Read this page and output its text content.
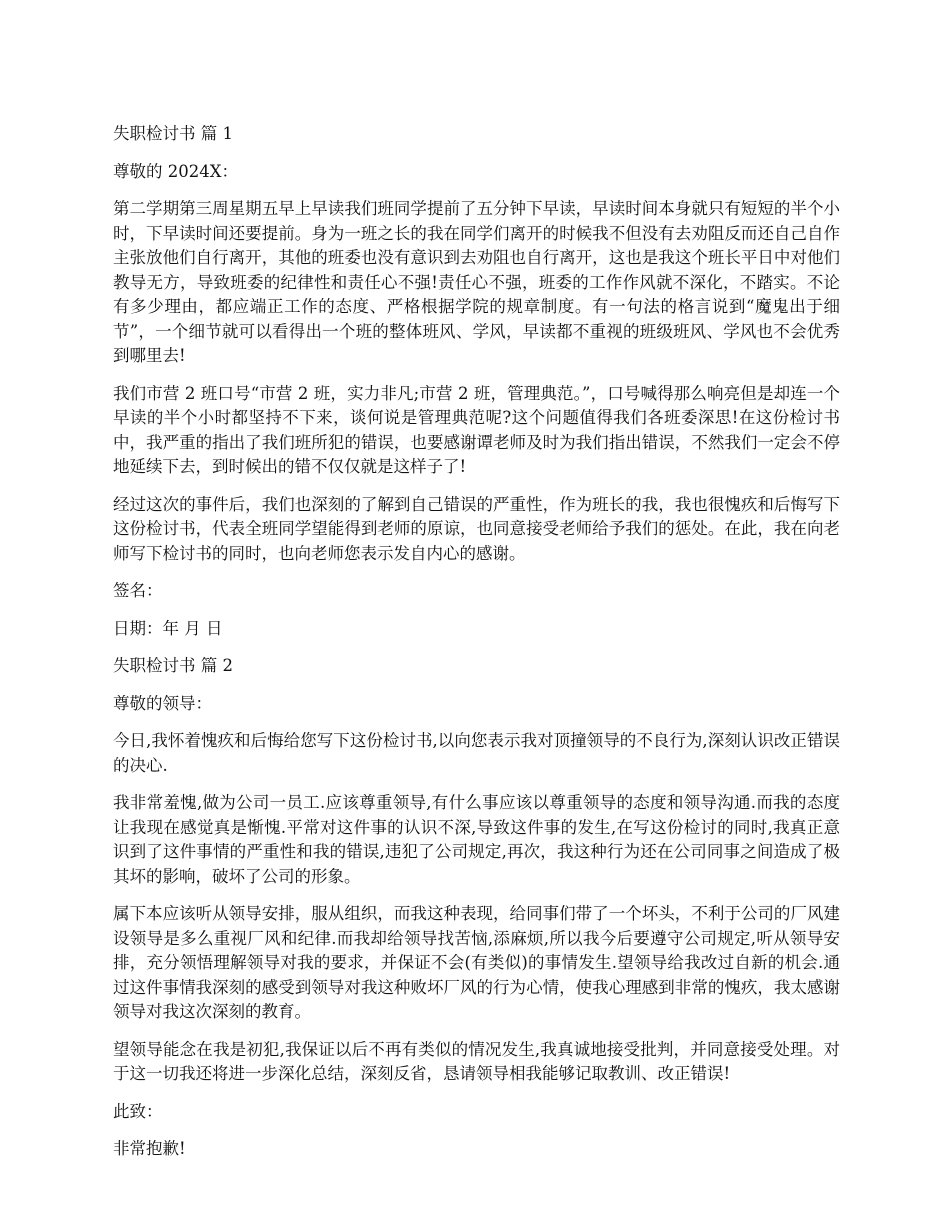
失职检讨书 篇 1

尊敬的 2024X：

第二学期第三周星期五早上早读我们班同学提前了五分钟下早读，早读时间本身就只有短短的半个小时，下早读时间还要提前。身为一班之长的我在同学们离开的时候我不但没有去劝阻反而还自己自作主张放他们自行离开，其他的班委也没有意识到去劝阻也自行离开，这也是我这个班长平日中对他们教导无方，导致班委的纪律性和责任心不强!责任心不强，班委的工作作风就不深化，不踏实。不论有多少理由，都应端正工作的态度、严格根据学院的规章制度。有一句法的格言说到“魔鬼出于细节”，一个细节就可以看得出一个班的整体班风、学风，早读都不重视的班级班风、学风也不会优秀到哪里去!

我们市营 2 班口号“市营 2 班，实力非凡;市营 2 班，管理典范。”，口号喊得那么响亮但是却连一个早读的半个小时都坚持不下来，谈何说是管理典范呢?这个问题值得我们各班委深思!在这份检讨书中，我严重的指出了我们班所犯的错误，也要感谢谭老师及时为我们指出错误，不然我们一定会不停地延续下去，到时候出的错不仅仅就是这样子了!

经过这次的事件后，我们也深刻的了解到自己错误的严重性，作为班长的我，我也很愧疚和后悔写下这份检讨书，代表全班同学望能得到老师的原谅，也同意接受老师给予我们的惩处。在此，我在向老师写下检讨书的同时，也向老师您表示发自内心的感谢。

签名：

日期：年 月 日

失职检讨书 篇 2

尊敬的领导：

今日,我怀着愧疚和后悔给您写下这份检讨书,以向您表示我对顶撞领导的不良行为,深刻认识改正错误的决心.

我非常羞愧,做为公司一员工.应该尊重领导,有什么事应该以尊重领导的态度和领导沟通.而我的态度让我现在感觉真是惭愧.平常对这件事的认识不深,导致这件事的发生,在写这份检讨的同时,我真正意识到了这件事情的严重性和我的错误,违犯了公司规定,再次，我这种行为还在公司同事之间造成了极其坏的影响，破坏了公司的形象。

属下本应该听从领导安排，服从组织，而我这种表现，给同事们带了一个坏头，不利于公司的厂风建设领导是多么重视厂风和纪律.而我却给领导找苦恼,添麻烦,所以我今后要遵守公司规定,听从领导安排，充分领悟理解领导对我的要求，并保证不会(有类似)的事情发生.望领导给我改过自新的机会.通过这件事情我深刻的感受到领导对我这种败坏厂风的行为心情，使我心理感到非常的愧疚，我太感谢领导对我这次深刻的教育。

望领导能念在我是初犯,我保证以后不再有类似的情况发生,我真诚地接受批判，并同意接受处理。对于这一切我还将进一步深化总结，深刻反省，恳请领导相我能够记取教训、改正错误!

此致：

非常抱歉!
